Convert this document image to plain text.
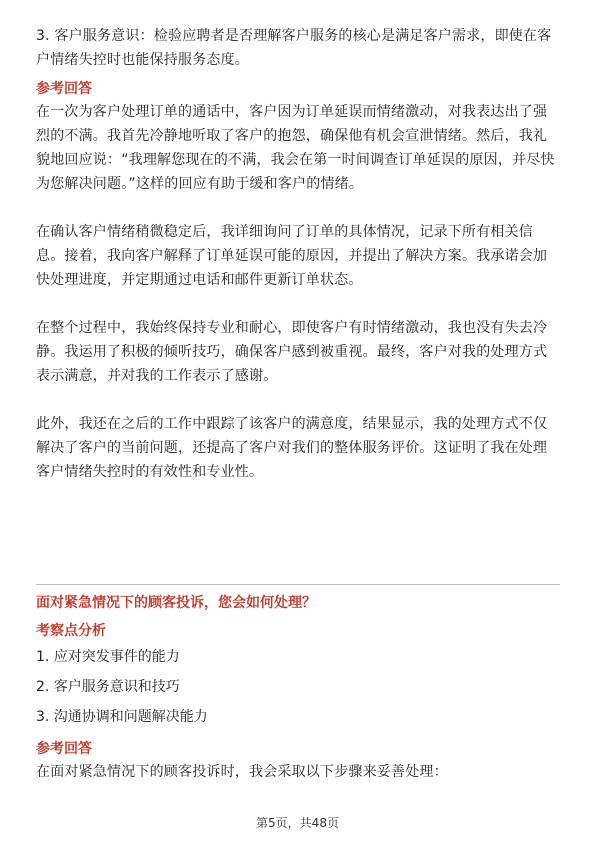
3. 客户服务意识：检验应聘者是否理解客户服务的核心是满足客户需求，即使在客户情绪失控时也能保持服务态度。

参考回答

在一次为客户处理订单的通话中，客户因为订单延误而情绪激动，对我表达出了强烈的不满。我首先冷静地听取了客户的抱怨，确保他有机会宣泄情绪。然后，我礼貌地回应说：“我理解您现在的不满，我会在第一时间调查订单延误的原因，并尽快为您解决问题。”这样的回应有助于缓和客户的情绪。

在确认客户情绪稍微稳定后，我详细询问了订单的具体情况，记录下所有相关信息。接着，我向客户解释了订单延误可能的原因，并提出了解决方案。我承诺会加快处理进度，并定期通过电话和邮件更新订单状态。

在整个过程中，我始终保持专业和耐心，即使客户有时情绪激动，我也没有失去冷静。我运用了积极的倾听技巧，确保客户感到被重视。最终，客户对我的处理方式表示满意，并对我的工作表示了感谢。

此外，我还在之后的工作中跟踪了该客户的满意度，结果显示，我的处理方式不仅解决了客户的当前问题，还提高了客户对我们的整体服务评价。这证明了我在处理客户情绪失控时的有效性和专业性。

面对紧急情况下的顾客投诉，您会如何处理？

考察点分析

1. 应对突发事件的能力

2. 客户服务意识和技巧

3. 沟通协调和问题解决能力

参考回答

在面对紧急情况下的顾客投诉时，我会采取以下步骤来妥善处理：

第5页，共48页
